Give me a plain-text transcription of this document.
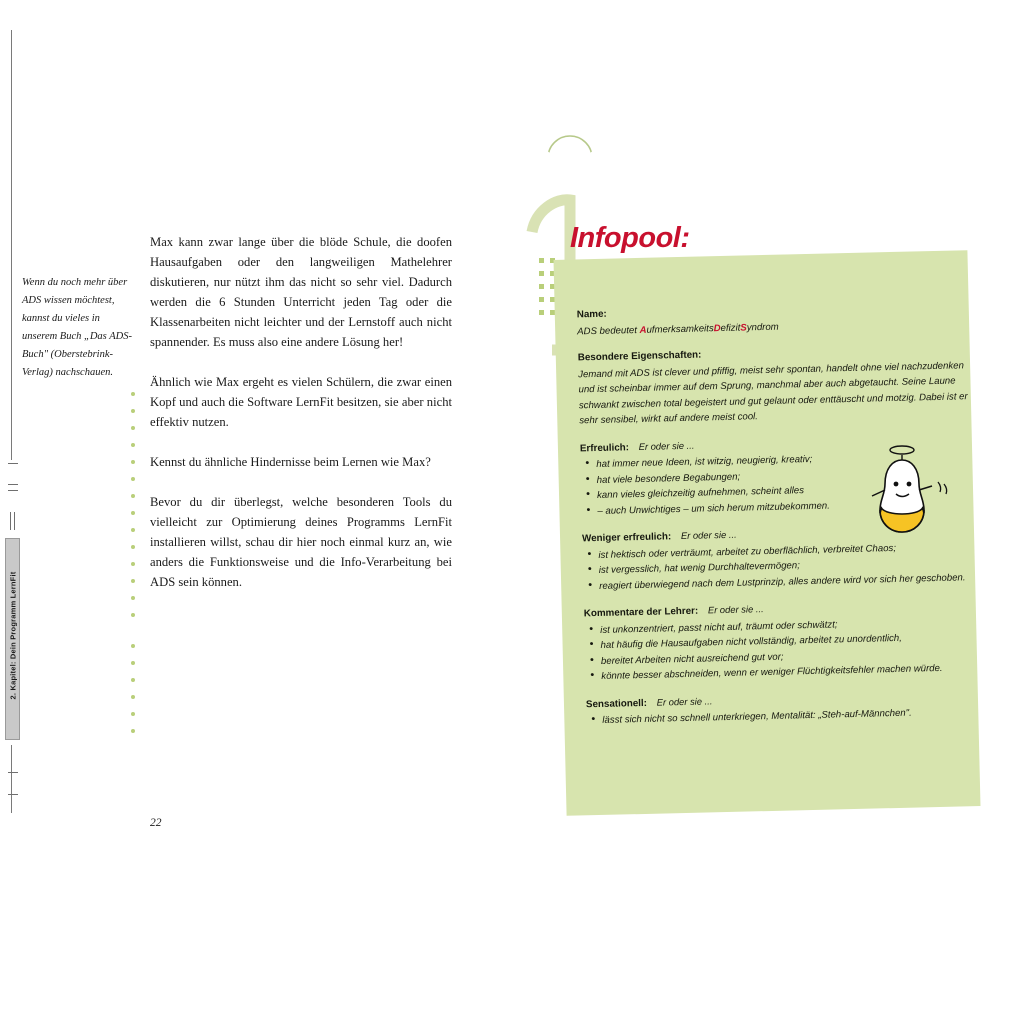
2. Kapitel: Dein Programm LernFit
Wenn du noch mehr über ADS wissen möchtest, kannst du vieles in unserem Buch „Das ADS-Buch" (Oberstebrink-Verlag) nachschauen.

Max kann zwar lange über die blöde Schule, die doofen Hausaufgaben oder den langweiligen Mathelehrer diskutieren, nur nützt ihm das nicht so sehr viel. Dadurch werden die 6 Stunden Unterricht jeden Tag oder die Klassenarbeiten nicht leichter und der Lernstoff auch nicht spannender. Es muss also eine andere Lösung her!

Ähnlich wie Max ergeht es vielen Schülern, die zwar einen Kopf und auch die Software LernFit besitzen, sie aber nicht effektiv nutzen.

Kennst du ähnliche Hindernisse beim Lernen wie Max?

Bevor du dir überlegst, welche besonderen Tools du vielleicht zur Optimierung deines Programms LernFit installieren willst, schau dir hier noch einmal kurz an, wie anders die Funktionsweise und die Info-Verarbeitung bei ADS sein können.

22
Infopool:
Name:
ADS bedeutet AufmerksamkeitsDefizitSyndrom
Besondere Eigenschaften:
Jemand mit ADS ist clever und pfiffig, meist sehr spontan, handelt ohne viel nachzudenken und ist scheinbar immer auf dem Sprung, manchmal aber auch abgetaucht. Seine Laune schwankt zwischen total begeistert und gut gelaunt oder enttäuscht und motzig. Dabei ist er sehr sensibel, wirkt auf andere meist cool.
Erfreulich: Er oder sie ...
• hat immer neue Ideen, ist witzig, neugierig, kreativ;
• hat viele besondere Begabungen;
• kann vieles gleichzeitig aufnehmen, scheint alles
• – auch Unwichtiges – um sich herum mitzubekommen.
Weniger erfreulich: Er oder sie ...
• ist hektisch oder verträumt, arbeitet zu oberflächlich, verbreitet Chaos;
• ist vergesslich, hat wenig Durchhaltevermögen;
• reagiert überwiegend nach dem Lustprinzip, alles andere wird vor sich her geschoben.
Kommentare der Lehrer: Er oder sie ...
• ist unkonzentriert, passt nicht auf, träumt oder schwätzt;
• hat häufig die Hausaufgaben nicht vollständig, arbeitet zu unordentlich,
• bereitet Arbeiten nicht ausreichend gut vor;
• könnte besser abschneiden, wenn er weniger Flüchtigkeitsfehler machen würde.
Sensationell: Er oder sie ...
• lässt sich nicht so schnell unterkriegen, Mentalität: „Steh-auf-Männchen".
